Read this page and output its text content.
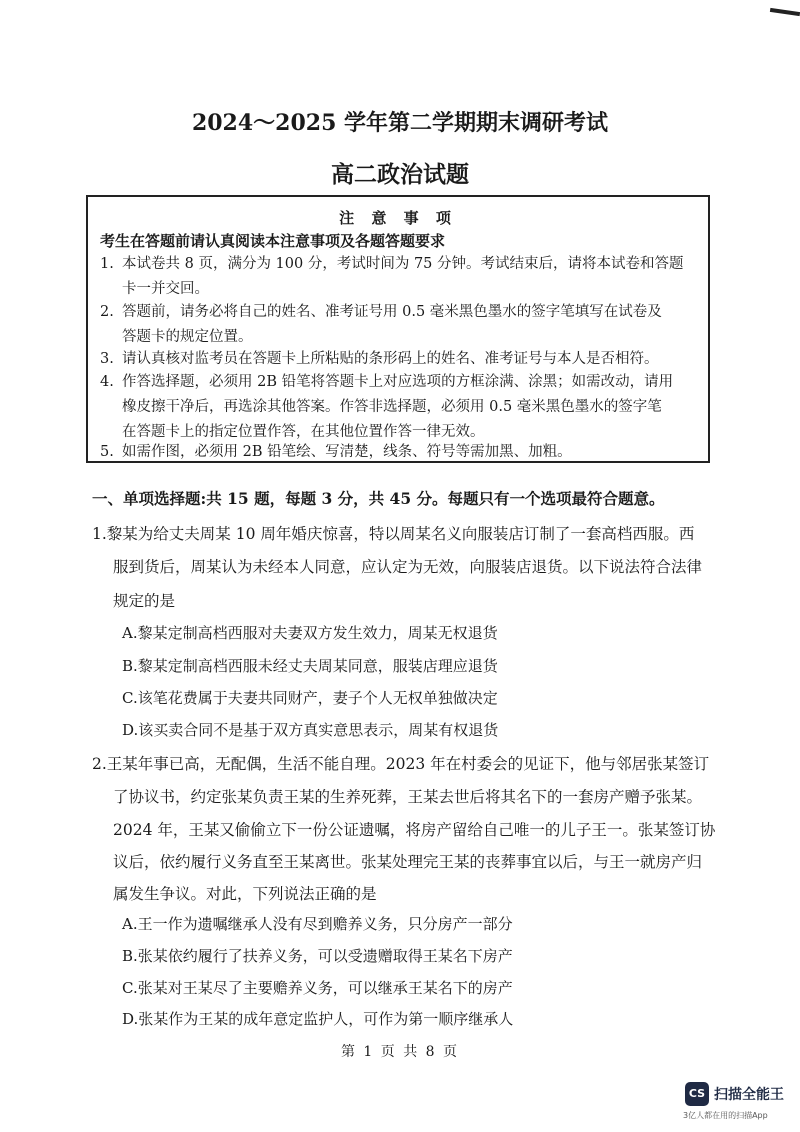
2024～2025 学年第二学期期末调研考试
高二政治试题
注 意 事 项
考生在答题前请认真阅读本注意事项及各题答题要求
1. 本试卷共 8 页，满分为 100 分，考试时间为 75 分钟。考试结束后，请将本试卷和答题
卡一并交回。
2. 答题前，请务必将自己的姓名、准考证号用 0.5 毫米黑色墨水的签字笔填写在试卷及
答题卡的规定位置。
3. 请认真核对监考员在答题卡上所粘贴的条形码上的姓名、准考证号与本人是否相符。
4. 作答选择题，必须用 2B 铅笔将答题卡上对应选项的方框涂满、涂黑；如需改动，请用
橡皮擦干净后，再选涂其他答案。作答非选择题，必须用 0.5 毫米黑色墨水的签字笔
在答题卡上的指定位置作答，在其他位置作答一律无效。
5. 如需作图，必须用 2B 铅笔绘、写清楚，线条、符号等需加黑、加粗。
一、单项选择题:共 15 题，每题 3 分，共 45 分。每题只有一个选项最符合题意。
1.黎某为给丈夫周某 10 周年婚庆惊喜，特以周某名义向服装店订制了一套高档西服。西
服到货后，周某认为未经本人同意，应认定为无效，向服装店退货。以下说法符合法律
规定的是
A.黎某定制高档西服对夫妻双方发生效力，周某无权退货
B.黎某定制高档西服未经丈夫周某同意，服装店理应退货
C.该笔花费属于夫妻共同财产，妻子个人无权单独做决定
D.该买卖合同不是基于双方真实意思表示，周某有权退货
2.王某年事已高，无配偶，生活不能自理。2023 年在村委会的见证下，他与邻居张某签订
了协议书，约定张某负责王某的生养死葬，王某去世后将其名下的一套房产赠予张某。
2024 年，王某又偷偷立下一份公证遗嘱，将房产留给自己唯一的儿子王一。张某签订协
议后，依约履行义务直至王某离世。张某处理完王某的丧葬事宜以后，与王一就房产归
属发生争议。对此，下列说法正确的是
A.王一作为遗嘱继承人没有尽到赡养义务，只分房产一部分
B.张某依约履行了扶养义务，可以受遗赠取得王某名下房产
C.张某对王某尽了主要赡养义务，可以继承王某名下的房产
D.张某作为王某的成年意定监护人，可作为第一顺序继承人
第 1 页 共 8 页
CS 扫描全能王
3亿人都在用的扫描App
